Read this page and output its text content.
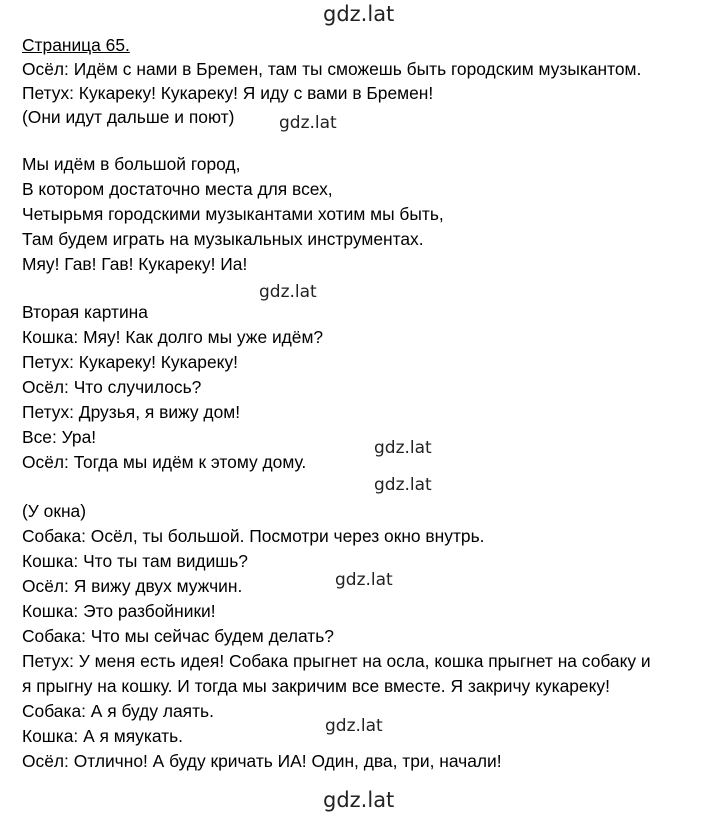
gdz.lat
gdz.lat
gdz.lat
gdz.lat
gdz.lat
gdz.lat
gdz.lat
gdz.lat
Страница 65.
Осёл: Идём с нами в Бремен, там ты сможешь быть городским музыкантом.
Петух: Кукареку! Кукареку! Я иду с вами в Бремен!
(Они идут дальше и поют)
Мы идём в большой город,
В котором достаточно места для всех,
Четырьмя городскими музыкантами хотим мы быть,
Там будем играть на музыкальных инструментах.
Мяу! Гав! Гав! Кукареку! Иа!
Вторая картина
Кошка: Мяу! Как долго мы уже идём?
Петух: Кукареку! Кукареку!
Осёл: Что случилось?
Петух: Друзья, я вижу дом!
Все: Ура!
Осёл: Тогда мы идём к этому дому.
(У окна)
Собака: Осёл, ты большой. Посмотри через окно внутрь.
Кошка: Что ты там видишь?
Осёл: Я вижу двух мужчин.
Кошка: Это разбойники!
Собака: Что мы сейчас будем делать?
Петух: У меня есть идея! Собака прыгнет на осла, кошка прыгнет на собаку и
я прыгну на кошку. И тогда мы закричим все вместе. Я закричу кукареку!
Собака: А я буду лаять.
Кошка: А я мяукать.
Осёл: Отлично! А буду кричать ИА! Один, два, три, начали!
